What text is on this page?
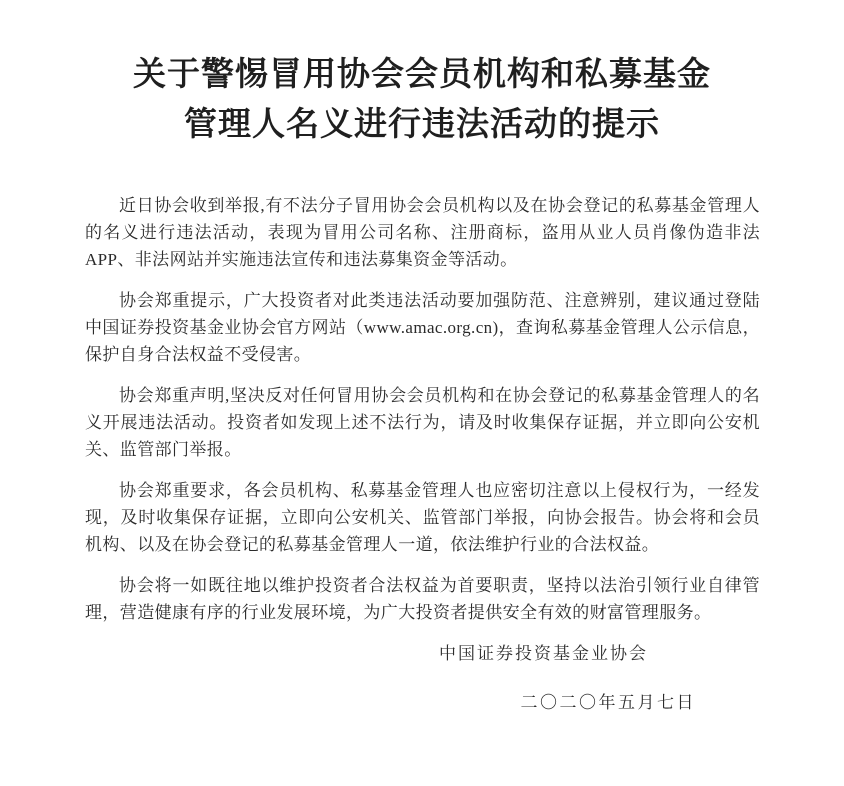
关于警惕冒用协会会员机构和私募基金
管理人名义进行违法活动的提示

近日协会收到举报,有不法分子冒用协会会员机构以及在协会登记的私募基金管理人的名义进行违法活动，表现为冒用公司名称、注册商标，盗用从业人员肖像伪造非法 APP、非法网站并实施违法宣传和违法募集资金等活动。

协会郑重提示，广大投资者对此类违法活动要加强防范、注意辨别，建议通过登陆中国证券投资基金业协会官方网站（www.amac.org.cn)，查询私募基金管理人公示信息，保护自身合法权益不受侵害。

协会郑重声明,坚决反对任何冒用协会会员机构和在协会登记的私募基金管理人的名义开展违法活动。投资者如发现上述不法行为，请及时收集保存证据，并立即向公安机关、监管部门举报。

协会郑重要求，各会员机构、私募基金管理人也应密切注意以上侵权行为，一经发现，及时收集保存证据，立即向公安机关、监管部门举报，向协会报告。协会将和会员机构、以及在协会登记的私募基金管理人一道，依法维护行业的合法权益。

协会将一如既往地以维护投资者合法权益为首要职责，坚持以法治引领行业自律管理，营造健康有序的行业发展环境，为广大投资者提供安全有效的财富管理服务。

中国证券投资基金业协会

二〇二〇年五月七日
